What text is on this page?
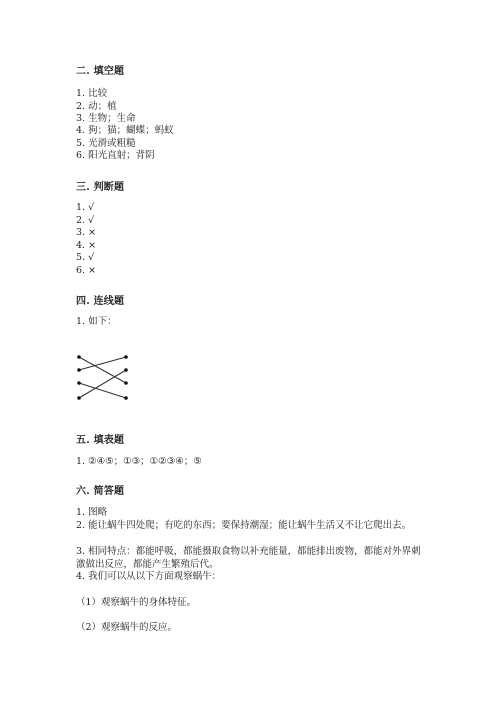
二. 填空题
1. 比较
2. 动；植
3. 生物；生命
4. 狗；猫；蝴蝶；蚂蚁
5. 光滑或粗糙
6. 阳光直射；背阴
三. 判断题
1. √
2. √
3. ×
4. ×
5. √
6. ×
四. 连线题
1. 如下：
五. 填表题
1. ②④⑤；①③；①②③④；⑤
六. 简答题
1. 图略
2. 能让蜗牛四处爬；有吃的东西；要保持潮湿；能让蜗牛生活又不让它爬出去。
3. 相同特点：都能呼吸，都能摄取食物以补充能量，都能排出废物，都能对外界刺激做出反应，都能产生繁殖后代。
4. 我们可以从以下方面观察蜗牛：
（1）观察蜗牛的身体特征。
（2）观察蜗牛的反应。
